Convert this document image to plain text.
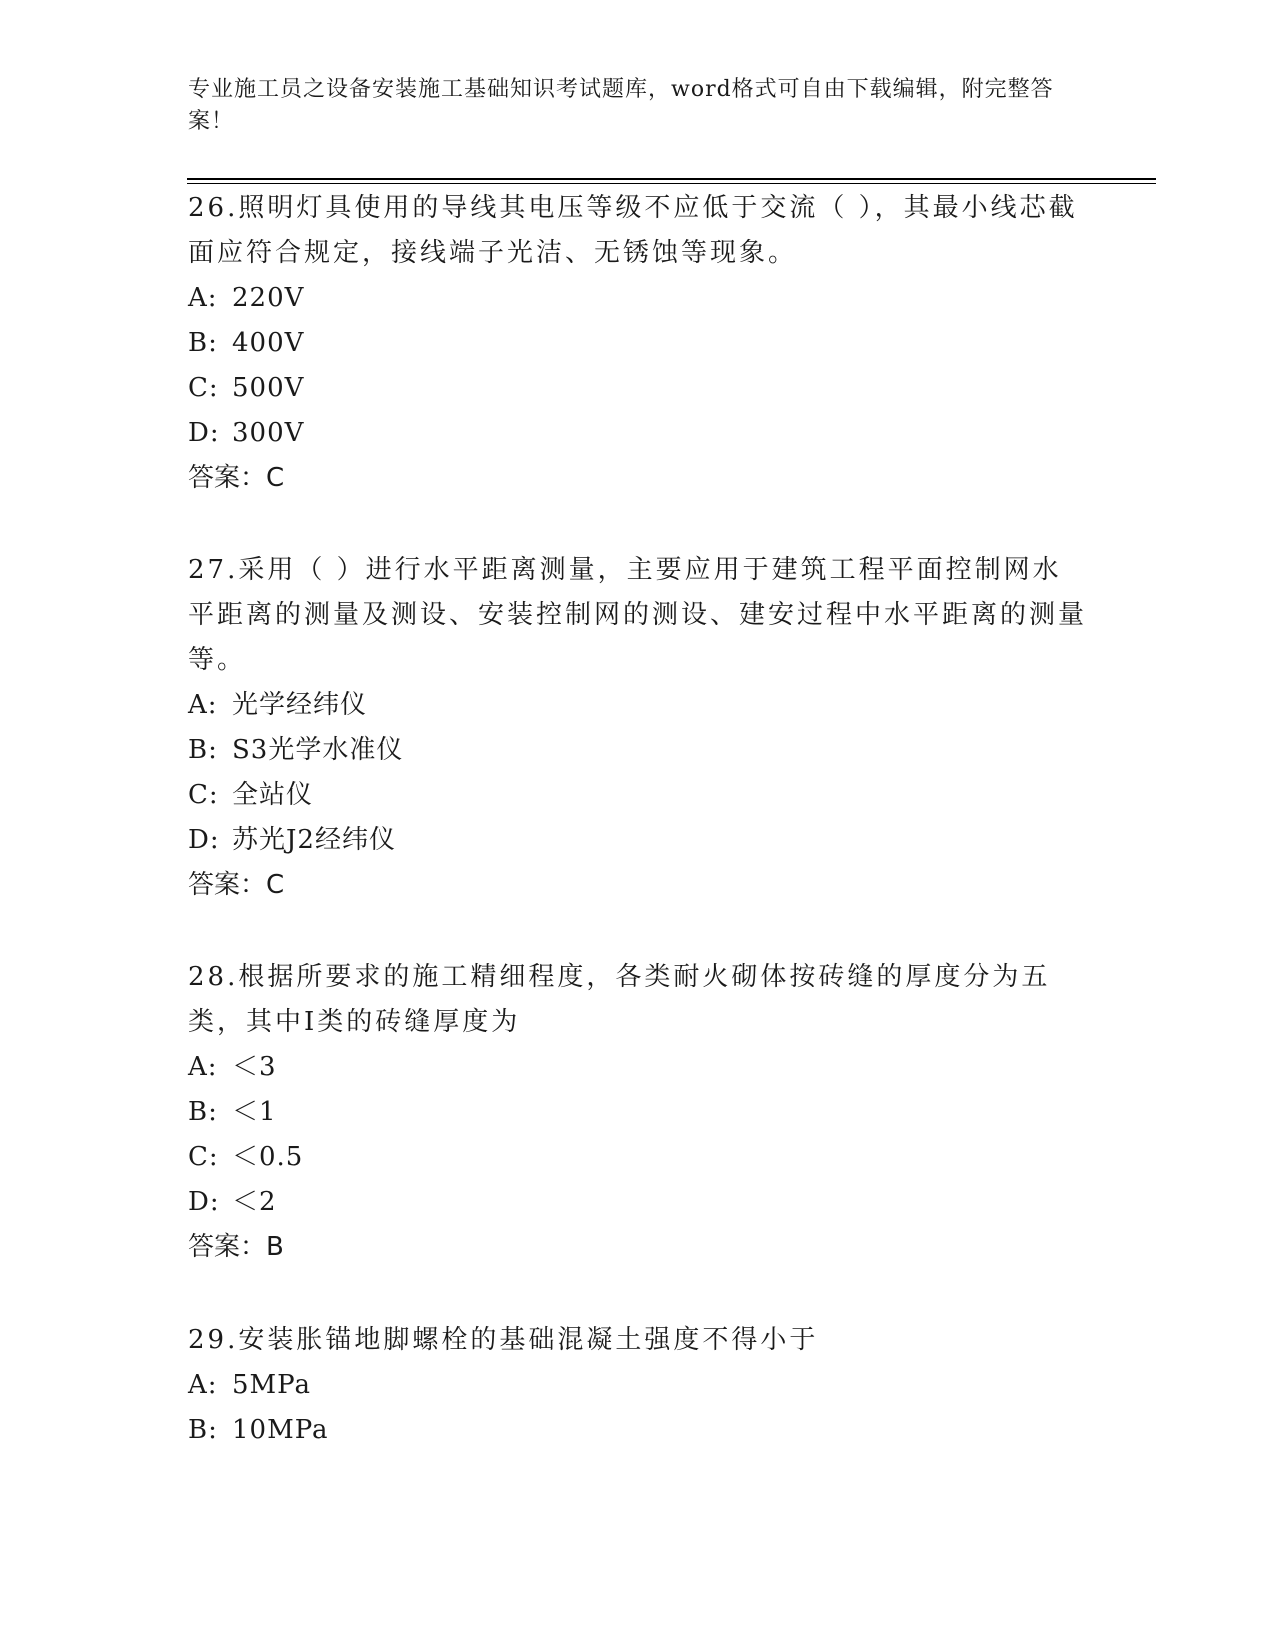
专业施工员之设备安装施工基础知识考试题库，word格式可自由下载编辑，附完整答案！
26.照明灯具使用的导线其电压等级不应低于交流（ ），其最小线芯截面应符合规定，接线端子光洁、无锈蚀等现象。
A: 220V
B: 400V
C: 500V
D: 300V
答案：C
27.采用（ ）进行水平距离测量，主要应用于建筑工程平面控制网水平距离的测量及测设、安装控制网的测设、建安过程中水平距离的测量等。
A: 光学经纬仪
B: S3光学水准仪
C: 全站仪
D: 苏光J2经纬仪
答案：C
28.根据所要求的施工精细程度，各类耐火砌体按砖缝的厚度分为五类，其中I类的砖缝厚度为
A: ＜3
B: ＜1
C: ＜0.5
D: ＜2
答案：B
29.安装胀锚地脚螺栓的基础混凝土强度不得小于
A: 5MPa
B: 10MPa
